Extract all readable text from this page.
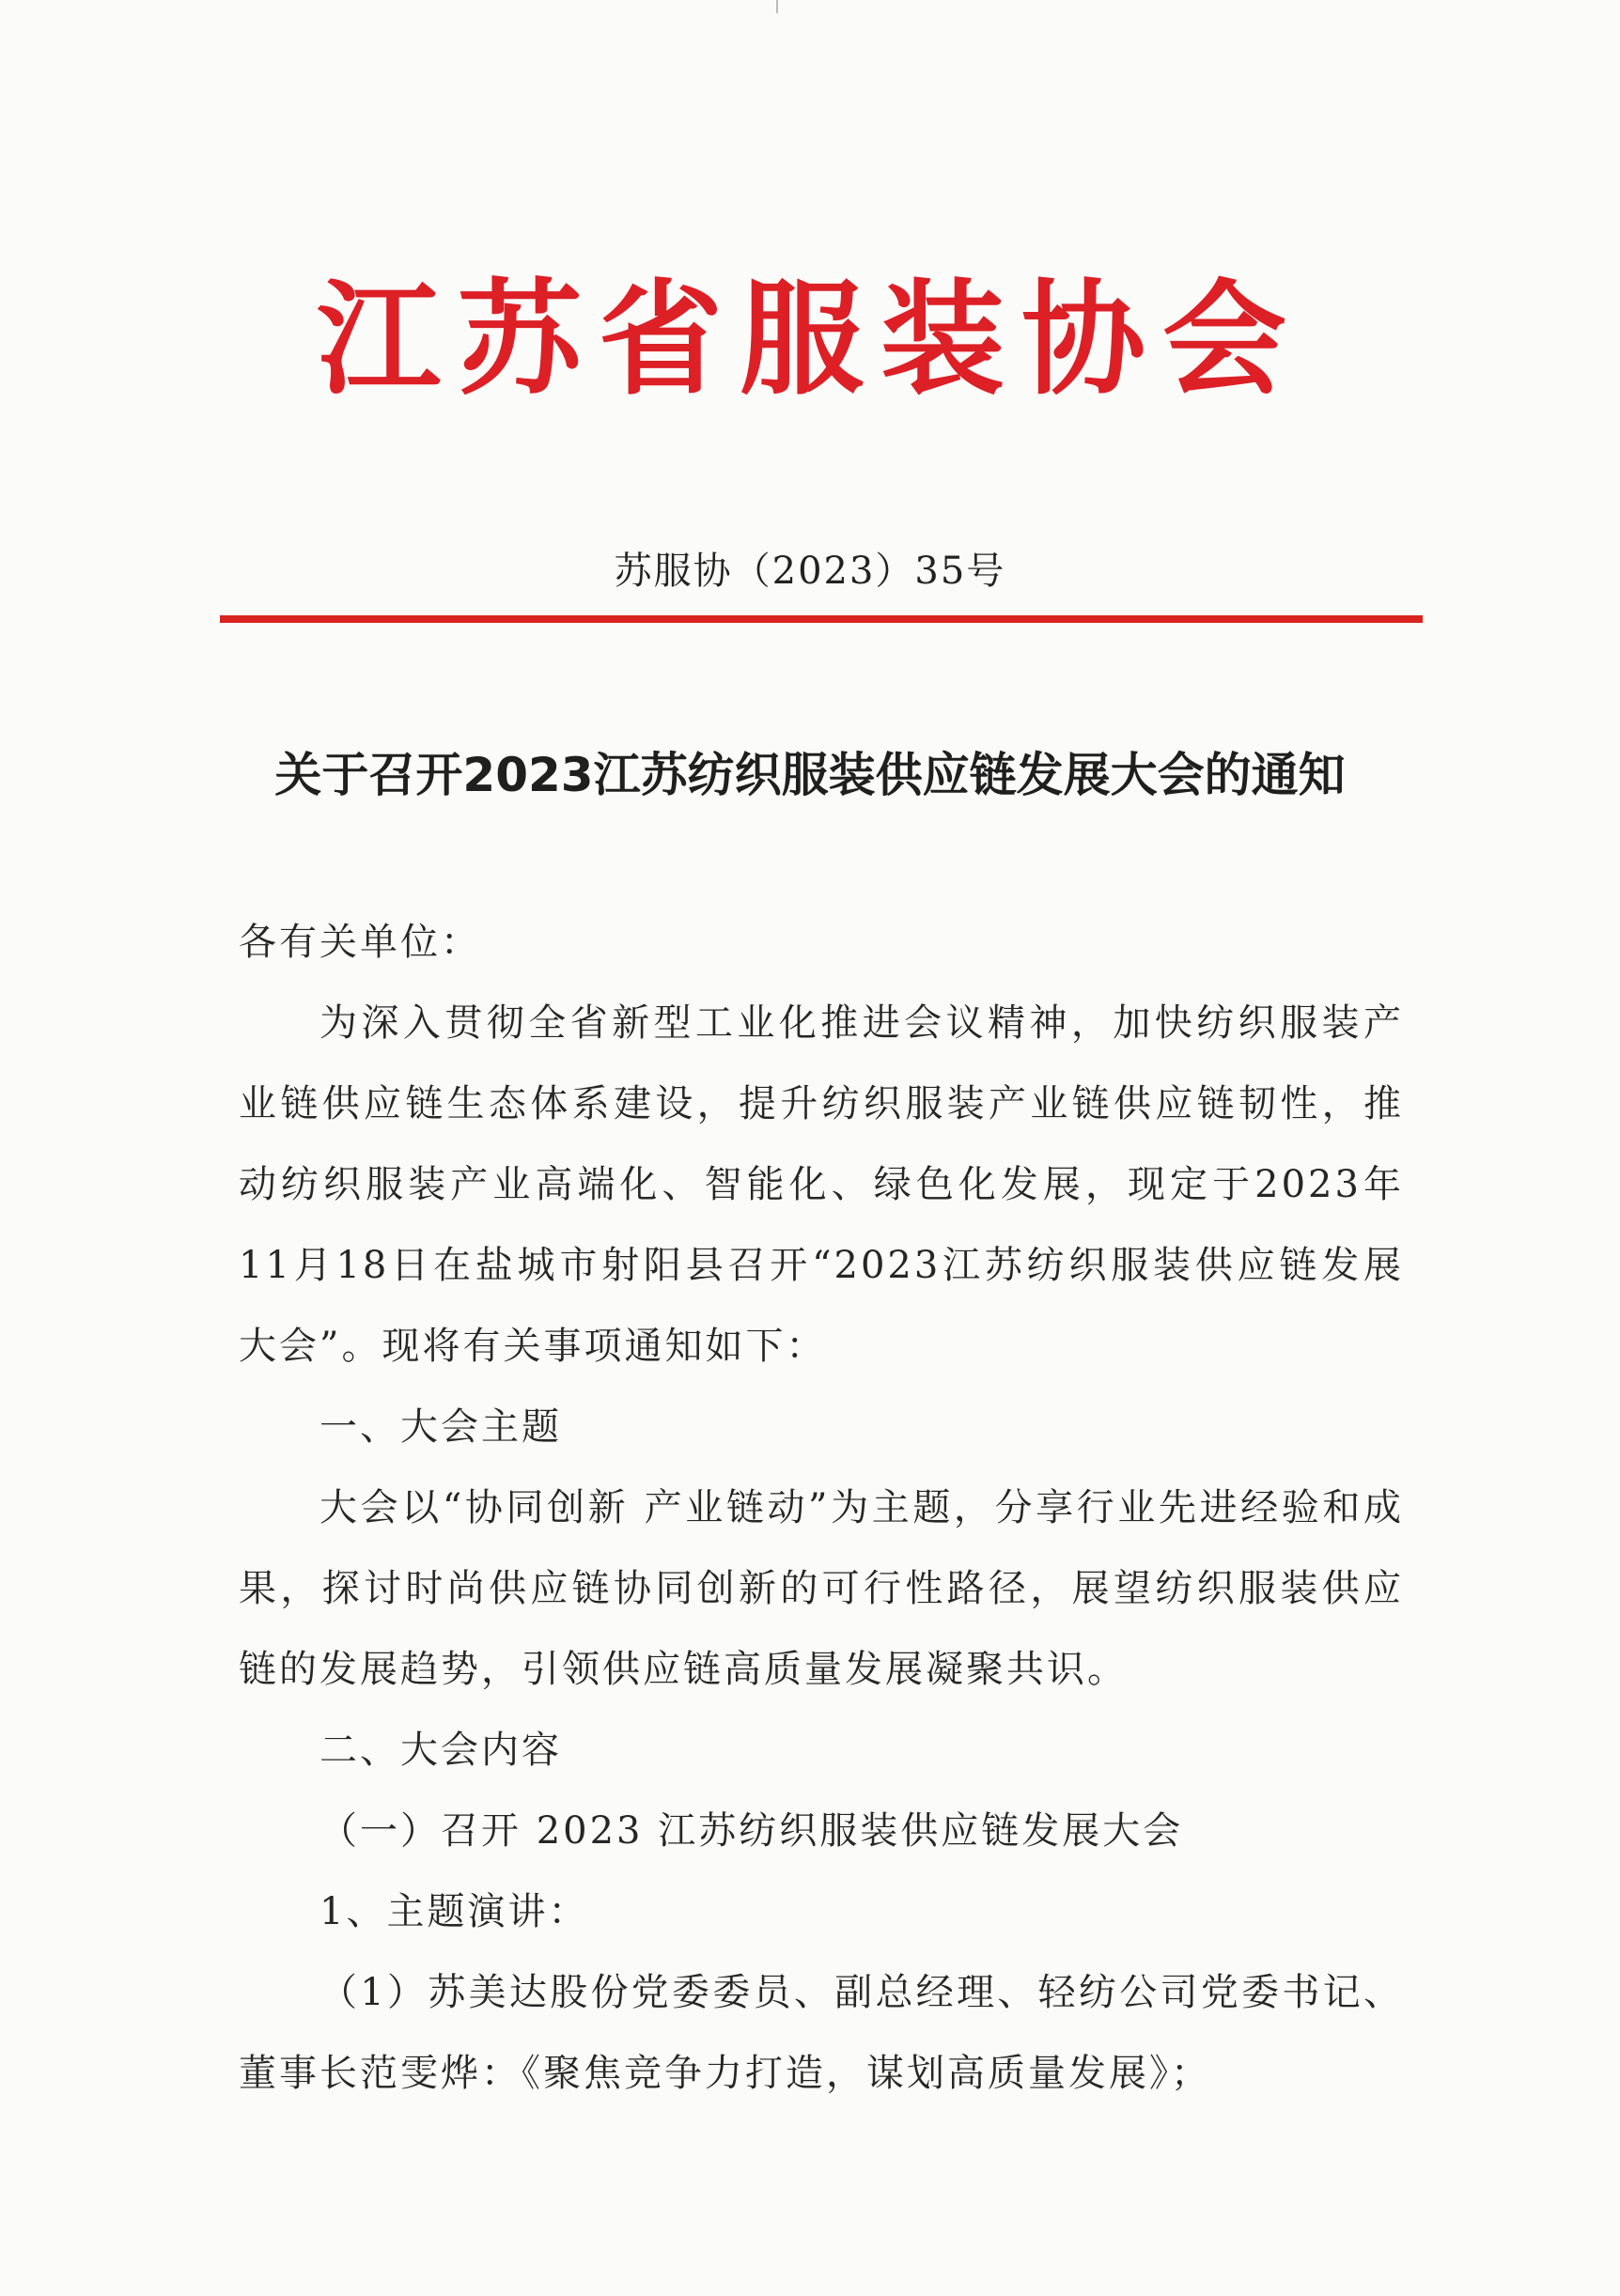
江苏省服装协会
苏服协（2023）35号
关于召开2023江苏纺织服装供应链发展大会的通知

各有关单位：

为深入贯彻全省新型工业化推进会议精神，加快纺织服装产业链供应链生态体系建设，提升纺织服装产业链供应链韧性，推动纺织服装产业高端化、智能化、绿色化发展，现定于2023年11月18日在盐城市射阳县召开“2023江苏纺织服装供应链发展大会”。现将有关事项通知如下：

一、大会主题

大会以“协同创新 产业链动”为主题，分享行业先进经验和成果，探讨时尚供应链协同创新的可行性路径，展望纺织服装供应链的发展趋势，引领供应链高质量发展凝聚共识。

二、大会内容

（一）召开 2023 江苏纺织服装供应链发展大会

1、主题演讲：

（1）苏美达股份党委委员、副总经理、轻纺公司党委书记、董事长范雯烨：《聚焦竞争力打造，谋划高质量发展》；
